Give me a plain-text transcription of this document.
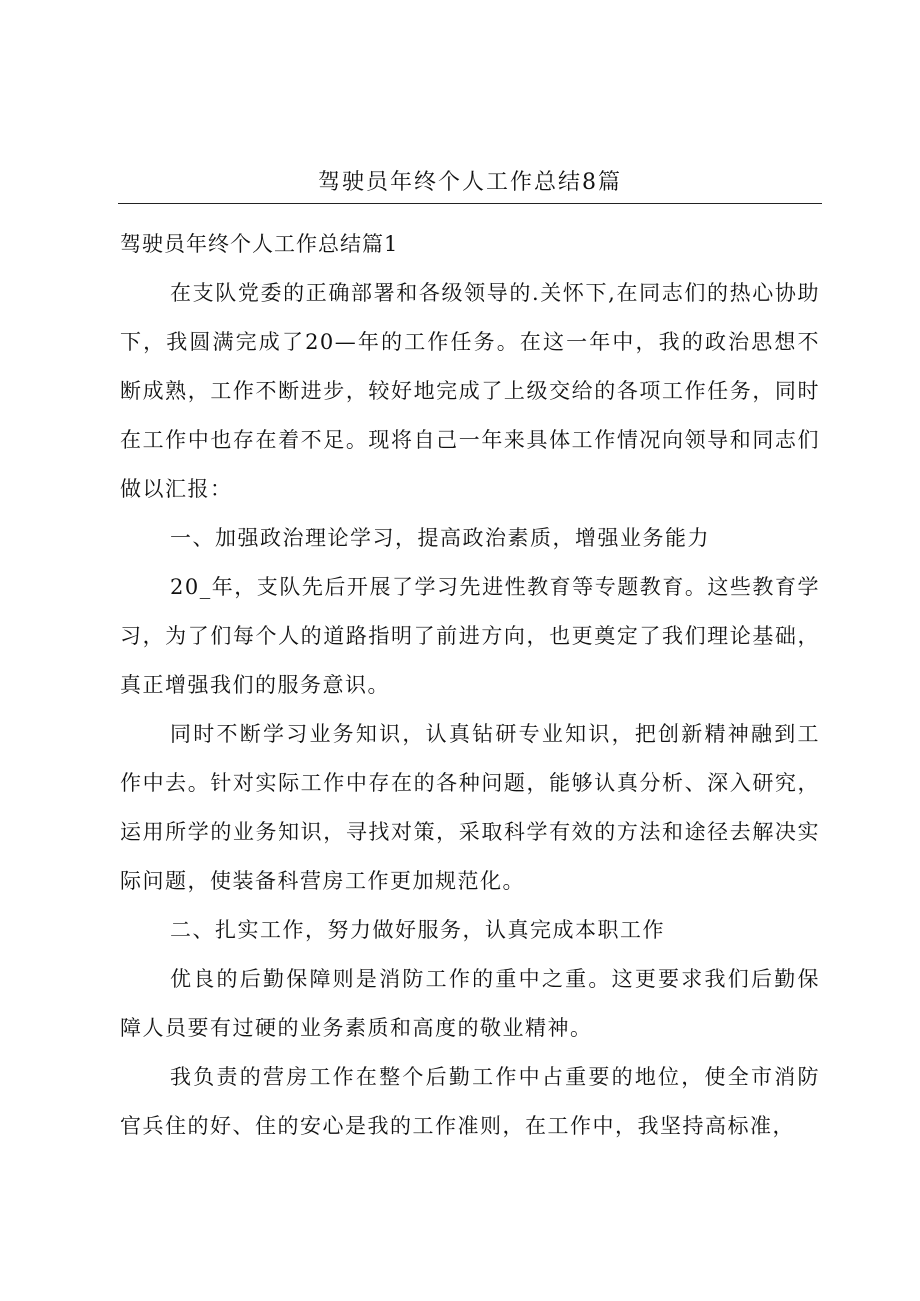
驾驶员年终个人工作总结8篇
驾驶员年终个人工作总结篇1

在支队党委的正确部署和各级领导的.关怀下,在同志们的热心协助下，我圆满完成了20—年的工作任务。在这一年中，我的政治思想不断成熟，工作不断进步，较好地完成了上级交给的各项工作任务，同时在工作中也存在着不足。现将自己一年来具体工作情况向领导和同志们做以汇报：

一、加强政治理论学习，提高政治素质，增强业务能力

20_年，支队先后开展了学习先进性教育等专题教育。这些教育学习，为了们每个人的道路指明了前进方向，也更奠定了我们理论基础，真正增强我们的服务意识。

同时不断学习业务知识，认真钻研专业知识，把创新精神融到工作中去。针对实际工作中存在的各种问题，能够认真分析、深入研究，运用所学的业务知识，寻找对策，采取科学有效的方法和途径去解决实际问题，使装备科营房工作更加规范化。

二、扎实工作，努力做好服务，认真完成本职工作

优良的后勤保障则是消防工作的重中之重。这更要求我们后勤保障人员要有过硬的业务素质和高度的敬业精神。

我负责的营房工作在整个后勤工作中占重要的地位，使全市消防官兵住的好、住的安心是我的工作准则，在工作中，我坚持高标准，
